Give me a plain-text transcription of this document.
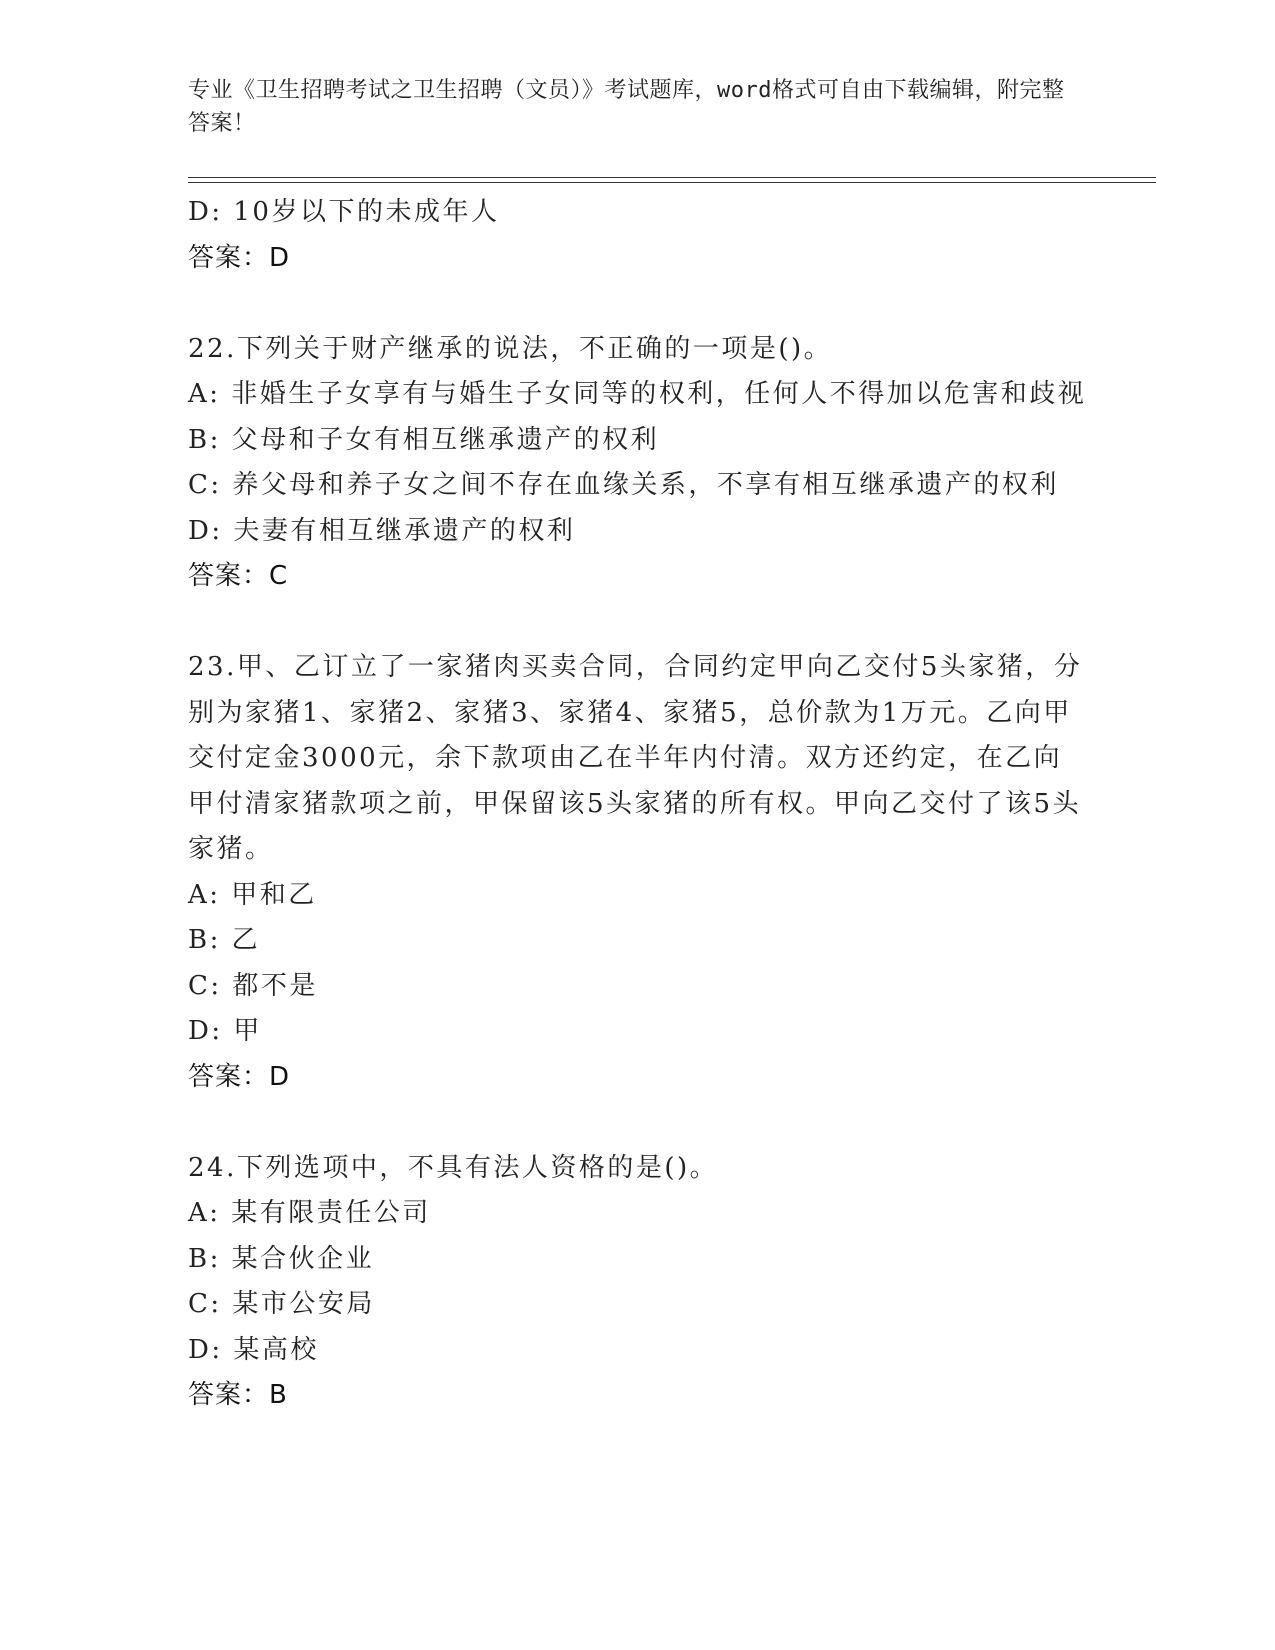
专业《卫生招聘考试之卫生招聘（文员）》考试题库，word格式可自由下载编辑，附完整答案！
D: 10岁以下的未成年人
答案：D
22.下列关于财产继承的说法，不正确的一项是()。
A: 非婚生子女享有与婚生子女同等的权利，任何人不得加以危害和歧视
B: 父母和子女有相互继承遗产的权利
C: 养父母和养子女之间不存在血缘关系，不享有相互继承遗产的权利
D: 夫妻有相互继承遗产的权利
答案：C
23.甲、乙订立了一家猪肉买卖合同，合同约定甲向乙交付5头家猪，分别为家猪1、家猪2、家猪3、家猪4、家猪5，总价款为1万元。乙向甲交付定金3000元，余下款项由乙在半年内付清。双方还约定，在乙向甲付清家猪款项之前，甲保留该5头家猪的所有权。甲向乙交付了该5头家猪。
A: 甲和乙
B: 乙
C: 都不是
D: 甲
答案：D
24.下列选项中，不具有法人资格的是()。
A: 某有限责任公司
B: 某合伙企业
C: 某市公安局
D: 某高校
答案：B
